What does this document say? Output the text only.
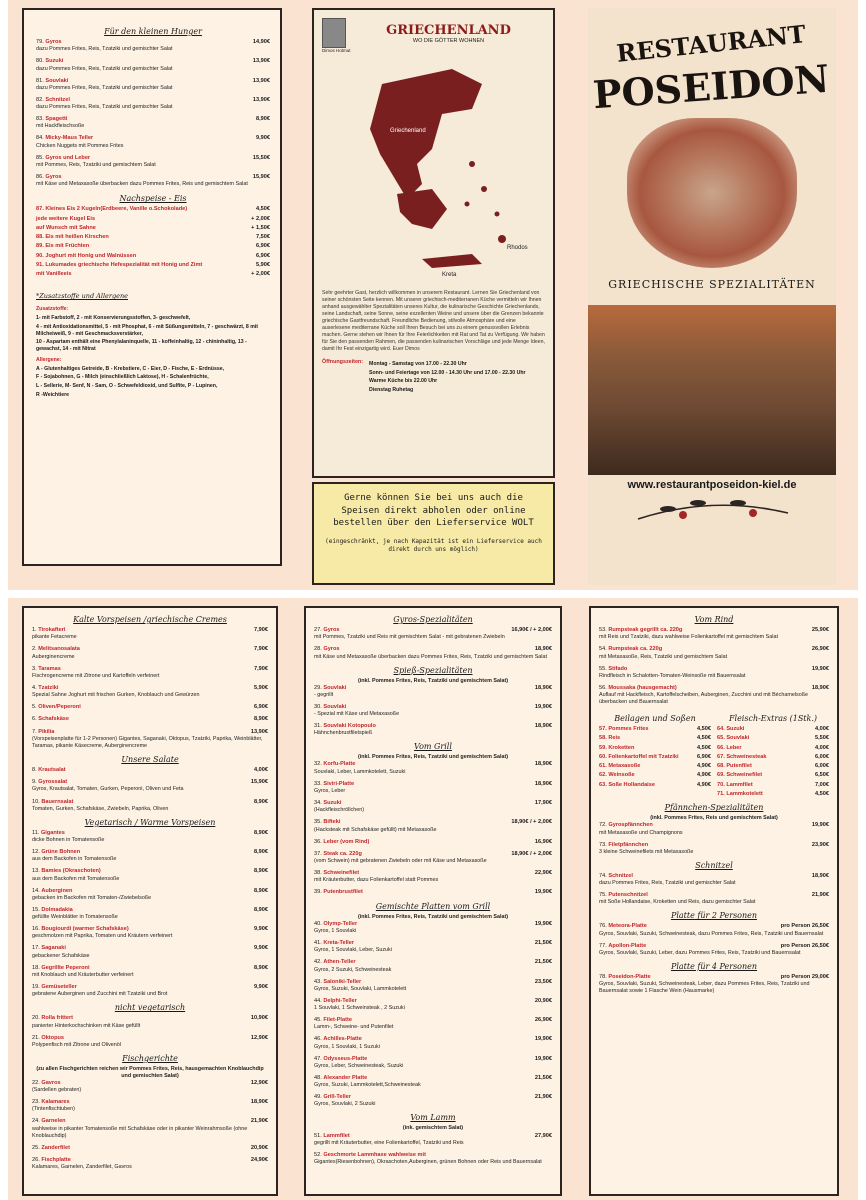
Für den kleinen Hunger
79. Gyros	14,90€
dazu Pommes Frites, Reis, Tzatziki und gemischter Salat
80. Suzuki	13,90€
dazu Pommes Frites, Reis, Tzatziki und gemischter Salat
81. Souvlaki	13,90€
dazu Pommes Frites, Reis, Tzatziki und gemischter Salat
82. Schnitzel	13,90€
dazu Pommes Frites, Reis, Tzatziki und gemischter Salat
83. Spagetti	8,90€
mit Hackfleischsoße
84. Micky-Maus Teller	9,90€
Chicken Nuggets mit Pommes Frites
85. Gyros und Leber	15,50€
mit Pommes, Reis, Tzatziki und gemischtem Salat
86. Gyros	15,90€
mit Käse und Metaxasoße überbacken dazu Pommes Frites, Reis und gemischtem Salat
Nachspeise - Eis
87. Kleines Eis 2 Kugeln(Erdbeere, Vanille o.Schokolade)	4,50€
jede weitere Kugel Eis	+ 2,00€
auf Wunsch mit Sahne	+ 1,50€
88. Eis mit heißen Kirschen	7,50€
89. Eis mit Früchten	6,90€
90. Joghurt mit Honig und Walnüssen	6,90€
91. Lukumades griechische Hefespezialität mit Honig und Zimt	5,90€
mit Vanilleeis	+ 2,00€
*Zusatzstoffe und Allergene
Zusatzstoffe:
1- mit Farbstoff, 2 - mit Konservierungsstoffen, 3- geschwefelt,
4 - mit Antioxidationsmittel, 5 - mit Phosphat, 6 - mit Süßungsmitteln, 7 - geschwärzt, 8 mit Milcheiweiß, 9 - mit Geschmacksverstärker,
10 - Aspartam enthält eine Phenylalaninquelle, 11 - koffeinhaltig, 12 - chininhaltig, 13 - gewachst, 14 - mit Nitrat
Allergene:
A - Glutenhaltiges Getreide, B - Krebstiere, C - Eier, D - Fische, E - Erdnüsse,
F - Sojabohnen, G - Milch (einschließlich Laktose), H - Schalenfrüchte,
L - Sellerie, M- Senf, N - Sam, O - Schwefeldioxid, und Sulfite, P - Lupinen,
R -Weichtiere
GRIECHENLAND
WO DIE GÖTTER WOHNEN
Dimos Hotmut
Griechenland
Kreta
Rhodos
Sehr geehrter Gast, herzlich willkommen in unserem Restaurant. Lernen Sie Griechenland von seiner schönsten Seite kennen. Mit unserer griechisch-mediterranen Küche vermitteln wir Ihnen anhand ausgewählter Spezialitäten unseres Kultur, die kulinarische Geschichte Griechenlands, seine Landschaft, seine Sonne, seine exzellenten Weine und unsere über die Grenzen bekannte griechische Gastfreundschaft. Freundliche Bedienung, stilvolle Atmosphäre und eine auserlesene mediterrane Küche soll Ihren Besuch bei uns zu einem genussvollen Erlebnis machen. Gerne stehen wir Ihnen für Ihre Feierlichkeiten mit Rat und Tat zu Verfügung. Wir haben für Sie den passenden Rahmen, die passenden kulinarischen Vorschläge und jede Menge Ideen, damit Ihr Fest einzigartig wird. Euer Dimos
Öffnungszeiten: Montag - Samstag von 17.00 - 22.30 Uhr
Sonn- und Feiertage von 12.00 - 14.30 Uhr und 17.00 - 22.30 Uhr
Warme Küche bis 22.00 Uhr
Dienstag Ruhetag
Gerne können Sie bei uns auch die Speisen direkt abholen oder online bestellen über den Lieferservice WOLT
(eingeschränkt, je nach Kapazität ist ein Lieferservice auch direkt durch uns möglich)
RESTAURANT
POSEIDON
GRIECHISCHE SPEZIALITÄTEN
www.restaurantposeidon-kiel.de
Kalte Vorspeisen /griechische Cremes
1. Tirokafteri	7,90€
pikante Fetacreme
2. Melitsanosalata	7,90€
Auberginencreme
3. Taramas	7,90€
Fischrogencreme mit Zitrone und Kartoffeln verfeinert
4. Tzatziki	5,90€
Spezial Sahne Joghurt mit frischen Gurken, Knoblauch und Gewürzen
5. Oliven/Peperoni	6,90€
6. Schafskäse	8,90€
7. Pikilia	13,90€
(Vorspeisenplatte für 1-2 Personen) Gigantes, Saganaki, Oktopus, Tzatziki, Paprika, Weinblätter, Taramas, pikante Käsecreme, Auberginencreme
Unsere Salate
8. Krautsalat	4,00€
9. Gyrossalat	15,90€
Gyros, Krautsalat, Tomaten, Gurken, Peperoni, Oliven und Feta
10. Bauernsalat	8,90€
Tomaten, Gurken, Schafskäse, Zwiebeln, Paprika, Oliven
Vegetarisch / Warme Vorspeisen
11. Gigantes	8,90€
dicke Bohnen in Tomatensoße
12. Grüne Bohnen	8,90€
aus dem Backofen in Tomatensoße
13. Bamies (Okraschoten)	8,90€
aus dem Backofen mit Tomatensoße
14. Auberginen	8,90€
gebacken im Backofen mit Tomaten-/Zwiebelsoße
15. Dolmadakia	8,90€
gefüllte Weinblätter in Tomatensoße
16. Bougiourdi (warmer Schafskäse)	9,90€
geschmolzen mit Paprika, Tomaten und Kräutern verfeinert
17. Saganaki	9,90€
gebackener Schafskäse
18. Gegrillte Peperoni	8,90€
mit Knoblauch und Kräuterbutter verfeinert
19. Gemüseteller	9,90€
gebratene Auberginen und Zucchini mit Tzatziki und Brot
nicht vegetarisch
20. Rolla frittert	10,90€
panierter Hinterkochschinken mit Käse gefüllt
21. Oktopus	12,90€
Polypenfisch mit Zitrone und Olivenöl
Fischgerichte
(zu allen Fischgerichten reichen wir Pommes Frites, Reis, hausgemachten Knoblauchdip und gemischten Salat)
22. Gavros	12,90€
(Sardellen gebraten)
23. Kalamares	18,90€
(Tintenfischtuben)
24. Garnelen	21,90€
wahlweise in pikanter Tomatensoße mit Schafskäse oder in pikanter Weinrahmsoße (ohne Knoblauchdip)
25. Zanderfilet	20,90€
26. Fischplatte	24,90€
Kalamares, Garnelen, Zanderfilet, Gavros
Gyros-Spezialitäten
27. Gyros	16,90€ / + 2,00€
mit Pommes, Tzatziki und Reis mit gemischtem Salat - mit gebratenen Zwiebeln
28. Gyros	18,90€
mit Käse und Metaxasoße überbacken dazu Pommes Frites, Reis, Tzatziki und gemischtem Salat
Spieß-Spezialitäten
(inkl. Pommes Frites, Reis, Tzatziki und gemischtem Salat)
29. Souvlaki	18,90€
- gegrillt
30. Souvlaki	19,90€
- Spezial mit Käse und Metaxasoße
31. Souvlaki Kotopoulo	18,90€
Hähnchenbrustfiletspieß
Vom Grill
(inkl. Pommes Frites, Reis, Tzatziki und gemischtem Salat)
32. Korfu-Platte	18,90€
Souvlaki, Leber, Lammkotelett, Suzuki
33. Siviri-Platte	18,90€
Gyros, Leber
34. Suzuki	17,90€
(Hackfleischröllchen)
35. Bifteki	18,90€ / + 2,00€
(Hacksteak mit Schafskäse gefüllt) mit Metaxasoße
36. Leber (vom Rind)	16,90€
37. Steak ca. 220g	18,90€ / + 2,00€
(vom Schwein) mit gebratenen Zwiebeln oder mit Käse und Metaxasoße
38. Schweinefilet	22,90€
mit Kräuterbutter, dazu Folienkartoffel statt Pommes
39. Putenbrustfilet	19,90€
Gemischte Platten vom Grill
(inkl. Pommes Frites, Reis, Tzatziki und gemischtem Salat)
40. Olymp-Teller	19,90€
Gyros, 1 Souvlaki
41. Kreta-Teller	21,50€
Gyros, 1 Souvlaki, Leber, Suzuki
42. Athen-Teller	21,50€
Gyros, 2 Suzuki, Schweinesteak
43. Saloniki-Teller	23,50€
Gyros, Suzuki, Souvlaki, Lammkotelett
44. Delphi-Teller	20,90€
1 Souvlaki, 1 Schweinsteak , 2 Suzuki
45. Filet-Platte	26,90€
Lamm-, Schweine- und Putenfilet
46. Achilles-Platte	19,90€
Gyros, 1 Souvlaki, 1 Suzuki
47. Odysseus-Platte	19,90€
Gyros, Leber, Schweinesteak, Suzuki
48. Alexander Platte	21,50€
Gyros, Suzuki, Lammkotelett,Schweinesteak
49. Grill-Teller	21,90€
Gyros, Souvlaki, 2 Suzuki
Vom Lamm
(ink. gemischtem Salat)
51. Lammfilet	27,90€
gegrillt mit Kräuterbutter, eine Folienkartoffel, Tzatziki und Reis
52. Geschmorte Lammhaxe wahlweise mit
Gigantes(Riesenbohnen), Okraschoten,Auberginen, grünen Bohnen oder Reis und Bauernsalat
Vom Rind
53. Rumpsteak gegrillt ca. 220g	25,90€
mit Reis und Tzatziki, dazu wahlweise Folienkartoffel mit gemischtem Salat
54. Rumpsteak ca. 220g	26,90€
mit Metaxasoße, Reis, Tzatziki und gemischtem Salat
55. Stifado	19,90€
Rindfleisch in Schalotten-Tomaten-Weinsoße mit Bauernsalat
56. Moussaka (hausgemacht)	18,90€
Auflauf mit Hackfleisch, Kartoffelscheiben, Auberginen, Zucchini und mit Béchamelsoße überbacken und Bauernsalat
Beilagen und Soßen
57. Pommes Frites	4,50€
58. Reis	4,50€
59. Kroketten	4,50€
60. Folienkartoffel mit Tzatziki	6,90€
61. Metaxasoße	4,90€
62. Weinsoße	4,90€
63. Soße Hollandaise	4,90€
Fleisch-Extras (1Stk.)
64. Suzuki	4,00€
65. Souvlaki	5,50€
66. Leber	4,00€
67. Schweinesteak	6,00€
68. Putenfilet	6,00€
69. Schweinefilet	6,50€
70. Lammfilet	7,00€
71. Lammkotelett	4,50€
Pfännchen-Spezialitäten
(inkl. Pommes Frites, Reis und gemischtem Salat)
72. Gyrospfännchen	19,90€
mit Metaxasoße und Champignons
73. Filetpfännchen	23,90€
3 kleine Schweinefilets mit Metaxasoße
Schnitzel
74. Schnitzel	18,90€
dazu Pommes Frites, Reis, Tzatziki und gemischter Salat
75. Putenschnitzel	21,90€
mit Soße Hollandaise, Kroketten und Reis, dazu gemischter Salat
Platte für 2 Personen
76. Meteora-Platte	pro Person 26,50€
Gyros, Souvlaki, Suzuki, Schweinesteak, dazu Pommes Frites, Reis, Tzatziki und Bauernsalat
77. Apollon-Platte	pro Person 26,50€
Gyros, Souvlaki, Suzuki, Leber, dazu Pommes Frites, Reis, Tzatziki und Bauernsalat
Platte für 4 Personen
78. Poseidon-Platte	pro Person 29,00€
Gyros, Souvlaki, Suzuki, Schweinesteak, Leber, dazu Pommes Frites, Reis, Tzatziki und Bauernsalat sowie 1 Flasche Wein (Hausmarke)
